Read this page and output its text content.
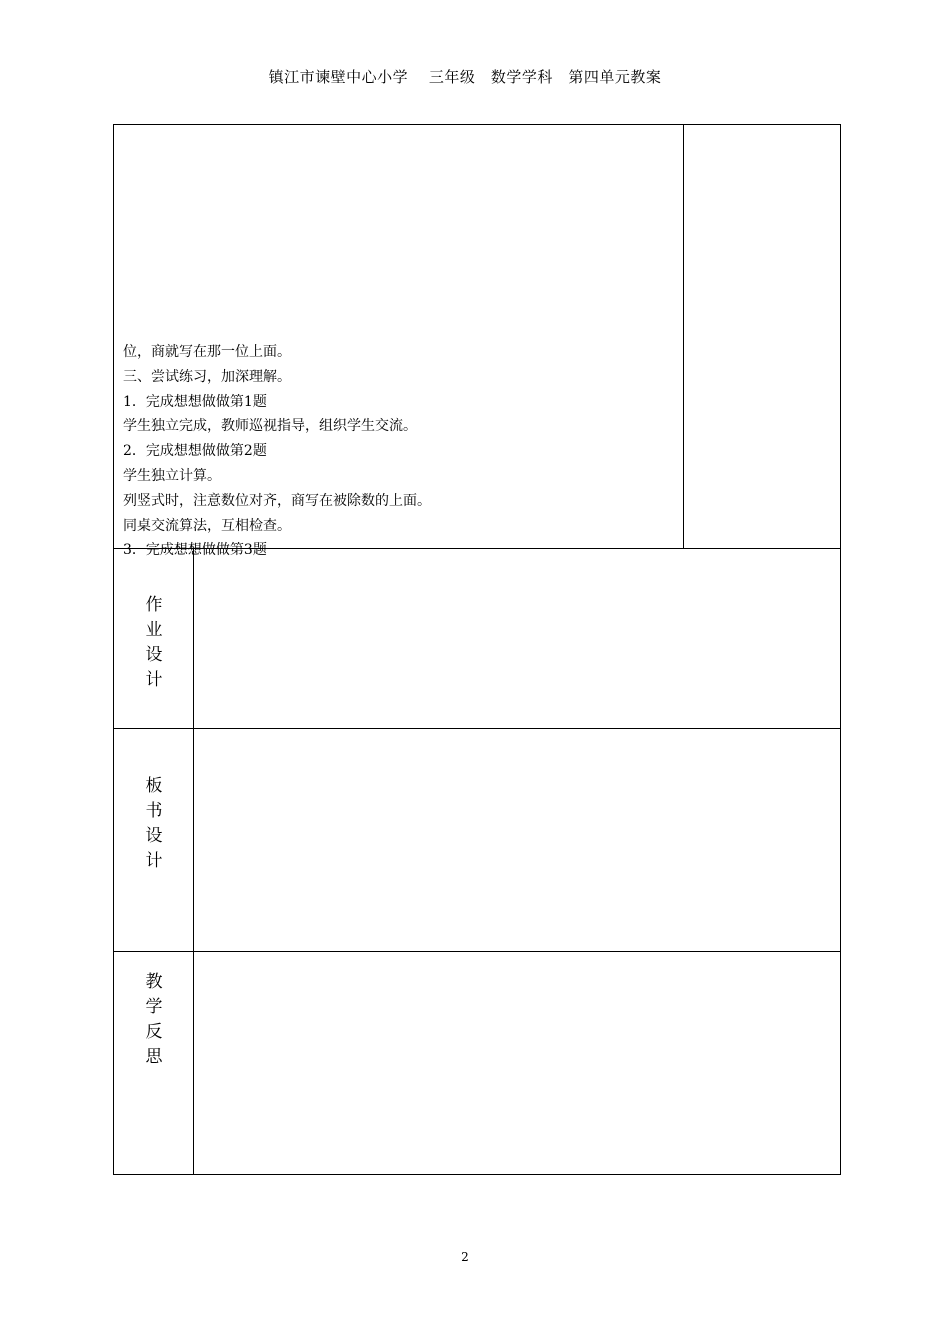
镇江市谏壁中心小学　 三年级　数学学科　第四单元教案
位，商就写在那一位上面。
三、尝试练习，加深理解。
1．完成想想做做第1题
学生独立完成，教师巡视指导，组织学生交流。
2．完成想想做做第2题
学生独立计算。
列竖式时，注意数位对齐，商写在被除数的上面。
同桌交流算法，互相检查。
3．完成想想做做第3题
作
业
设
计
板
书
设
计
教
学
反
思
2
